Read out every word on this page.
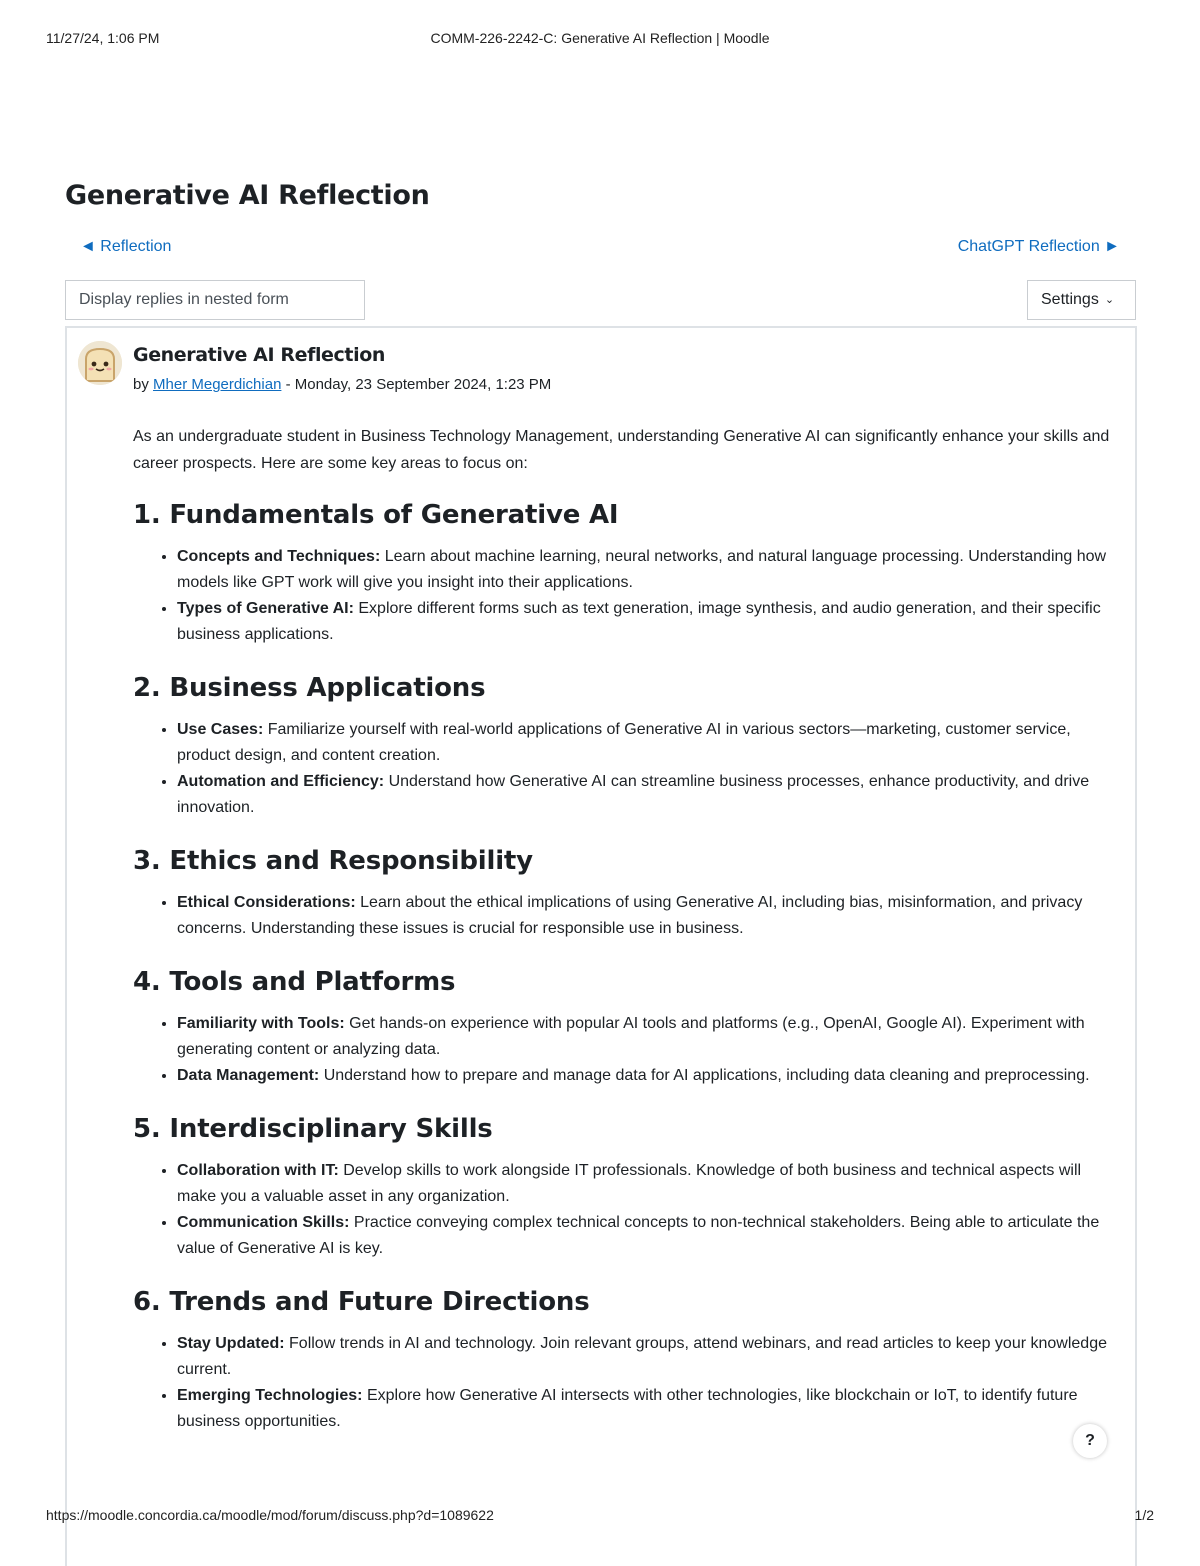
11/27/24, 1:06 PM	COMM-226-2242-C: Generative AI Reflection | Moodle
Generative AI Reflection
◄ Reflection	ChatGPT Reflection ►
Display replies in nested form	Settings ⌄
Generative AI Reflection
by Mher Megerdichian - Monday, 23 September 2024, 1:23 PM

As an undergraduate student in Business Technology Management, understanding Generative AI can significantly enhance your skills and career prospects. Here are some key areas to focus on:

1. Fundamentals of Generative AI
• Concepts and Techniques: Learn about machine learning, neural networks, and natural language processing. Understanding how models like GPT work will give you insight into their applications.
• Types of Generative AI: Explore different forms such as text generation, image synthesis, and audio generation, and their specific business applications.
2. Business Applications
• Use Cases: Familiarize yourself with real-world applications of Generative AI in various sectors—marketing, customer service, product design, and content creation.
• Automation and Efficiency: Understand how Generative AI can streamline business processes, enhance productivity, and drive innovation.
3. Ethics and Responsibility
• Ethical Considerations: Learn about the ethical implications of using Generative AI, including bias, misinformation, and privacy concerns. Understanding these issues is crucial for responsible use in business.
4. Tools and Platforms
• Familiarity with Tools: Get hands-on experience with popular AI tools and platforms (e.g., OpenAI, Google AI). Experiment with generating content or analyzing data.
• Data Management: Understand how to prepare and manage data for AI applications, including data cleaning and preprocessing.
5. Interdisciplinary Skills
• Collaboration with IT: Develop skills to work alongside IT professionals. Knowledge of both business and technical aspects will make you a valuable asset in any organization.
• Communication Skills: Practice conveying complex technical concepts to non-technical stakeholders. Being able to articulate the value of Generative AI is key.
6. Trends and Future Directions
• Stay Updated: Follow trends in AI and technology. Join relevant groups, attend webinars, and read articles to keep your knowledge current.
• Emerging Technologies: Explore how Generative AI intersects with other technologies, like blockchain or IoT, to identify future business opportunities.
?
https://moodle.concordia.ca/moodle/mod/forum/discuss.php?d=1089622	1/2
